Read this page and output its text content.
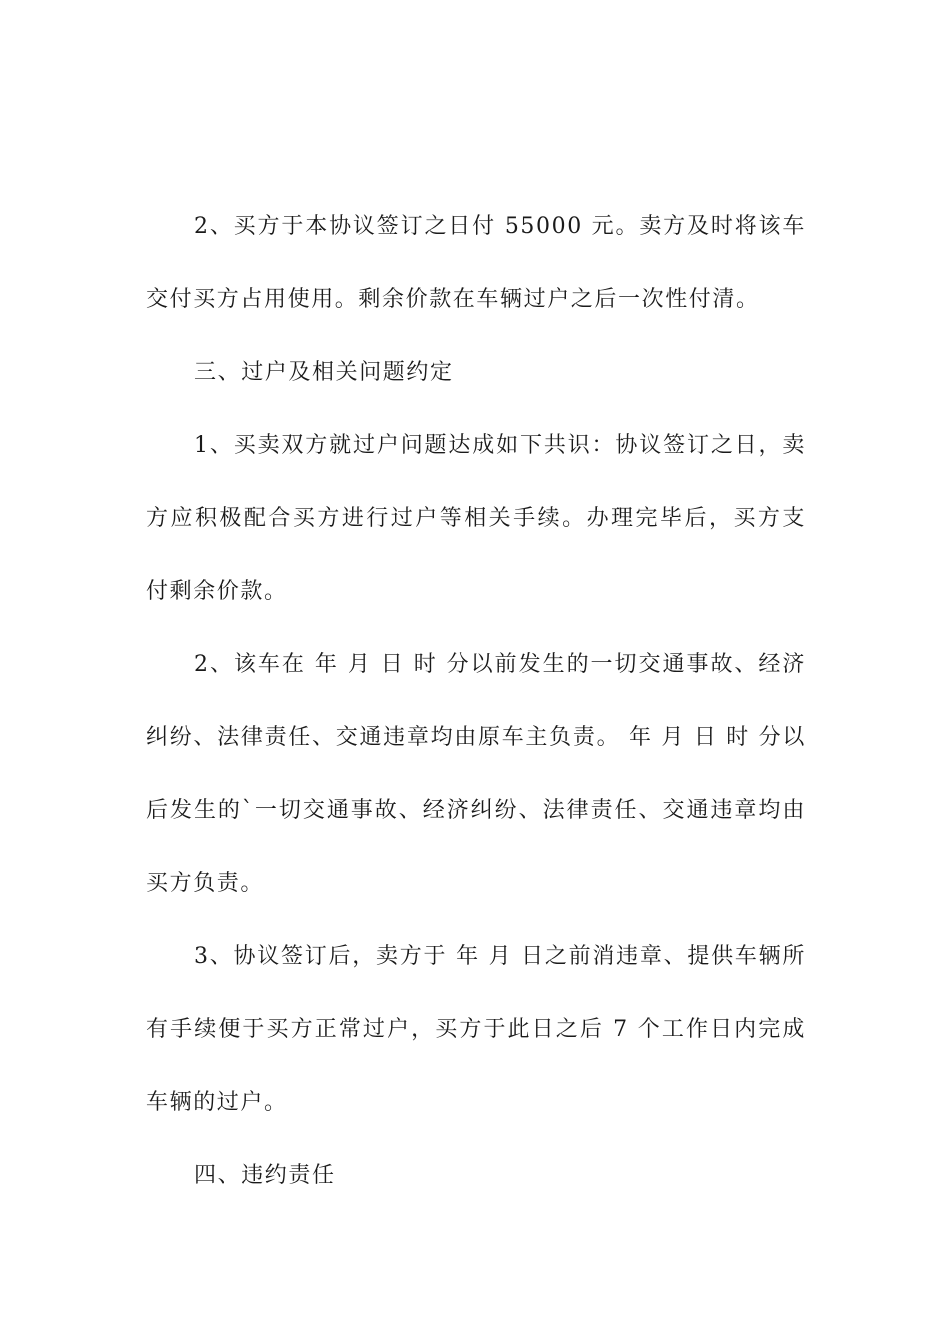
2、买方于本协议签订之日付 55000 元。卖方及时将该车交付买方占用使用。剩余价款在车辆过户之后一次性付清。

三、过户及相关问题约定

1、买卖双方就过户问题达成如下共识：协议签订之日，卖方应积极配合买方进行过户等相关手续。办理完毕后，买方支付剩余价款。

2、该车在 年 月 日 时 分以前发生的一切交通事故、经济纠纷、法律责任、交通违章均由原车主负责。 年 月 日 时 分以后发生的`一切交通事故、经济纠纷、法律责任、交通违章均由买方负责。

3、协议签订后，卖方于 年 月 日之前消违章、提供车辆所有手续便于买方正常过户，买方于此日之后 7 个工作日内完成车辆的过户。

四、违约责任
